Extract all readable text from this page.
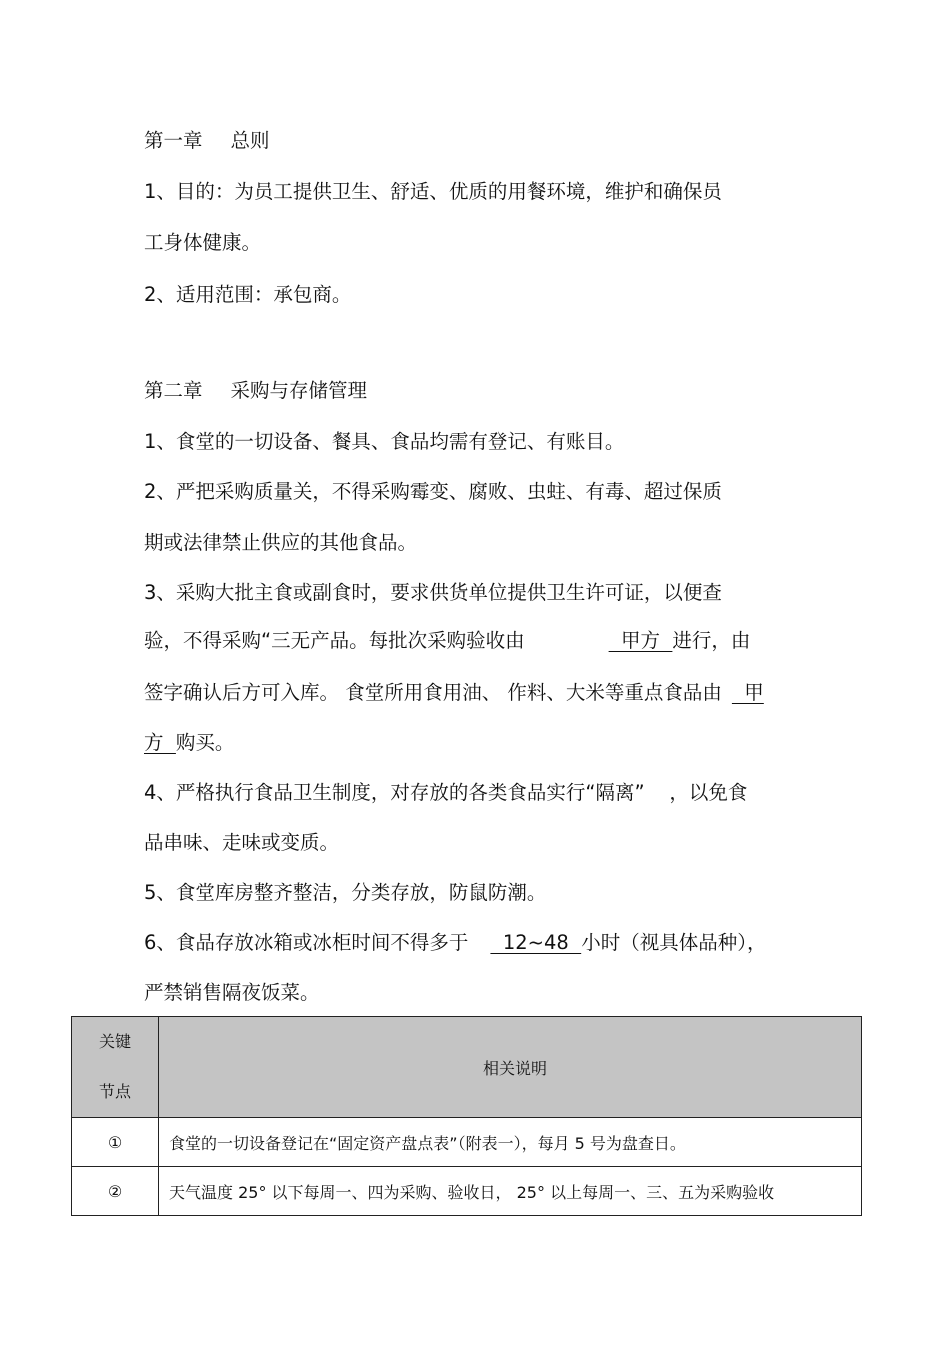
第一章 总则
1、目的：为员工提供卫生、舒适、优质的用餐环境，维护和确保员
工身体健康。
2、适用范围：承包商。
第二章 采购与存储管理
1、食堂的一切设备、餐具、食品均需有登记、有账目。
2、严把采购质量关，不得采购霉变、腐败、虫蛀、有毒、超过保质
期或法律禁止供应的其他食品。
3、采购大批主食或副食时，要求供货单位提供卫生许可证，以便查
验，不得采购“三无产品。每批次采购验收由	甲方  进行，由
签字确认后方可入库。 食堂所用食用油、 作料、大米等重点食品由  甲
方  购买。
4、严格执行食品卫生制度，对存放的各类食品实行“隔离”    ，以免食
品串味、走味或变质。
5、食堂库房整齐整洁，分类存放，防鼠防潮。
6、食品存放冰箱或冰柜时间不得多于  12~48  小时（视具体品种），
严禁销售隔夜饭菜。
关键
节点	相关说明
①	食堂的一切设备登记在“固定资产盘点表”（附表一），每月 5 号为盘查日。
②	天气温度 25° 以下每周一、四为采购、验收日， 25° 以上每周一、三、五为采购验收
